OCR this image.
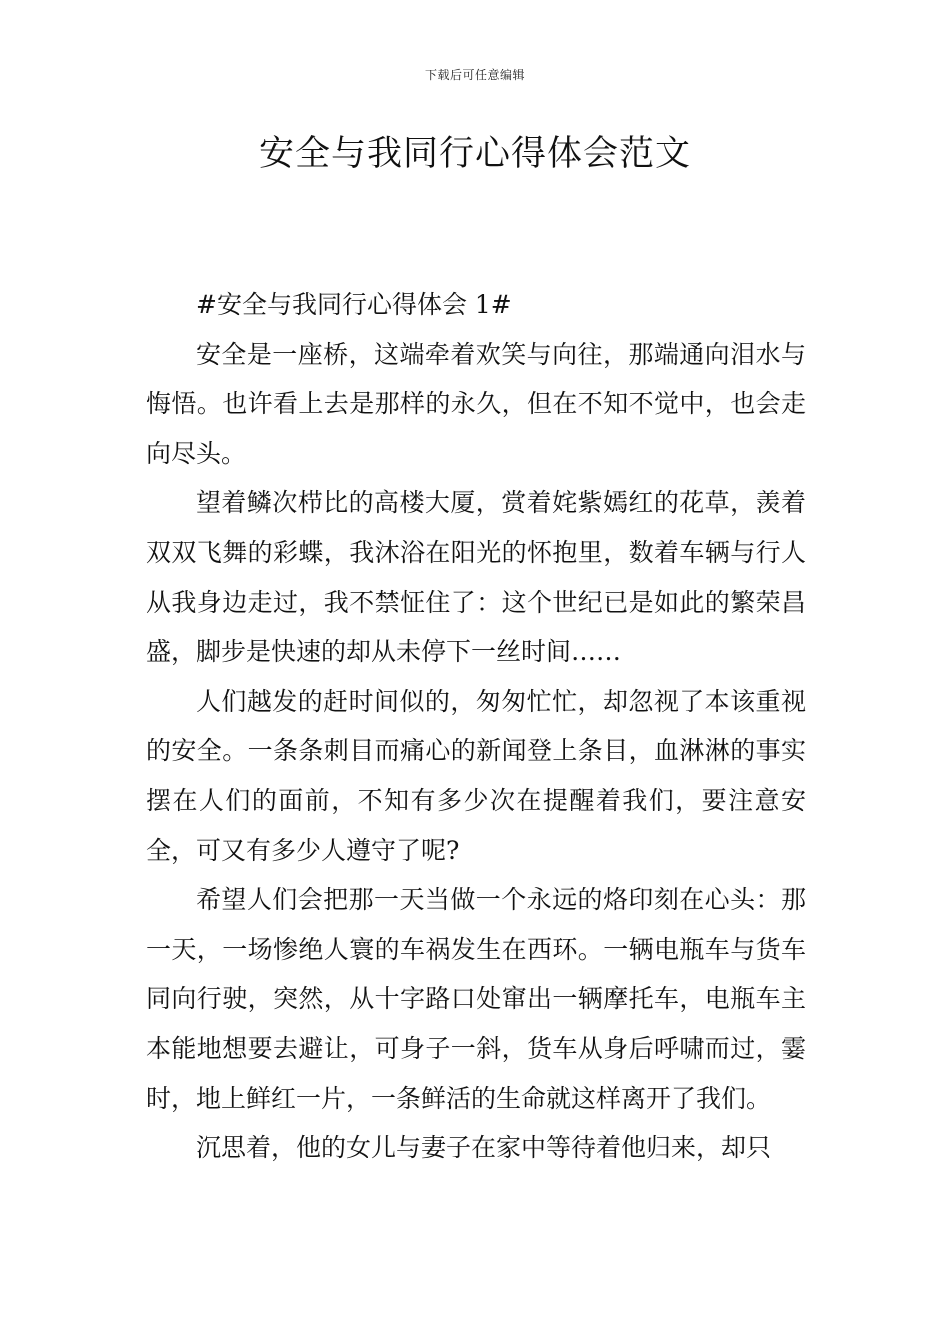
下载后可任意编辑
安全与我同行心得体会范文

#安全与我同行心得体会 1#

安全是一座桥，这端牵着欢笑与向往，那端通向泪水与悔悟。也许看上去是那样的永久，但在不知不觉中，也会走向尽头。

望着鳞次栉比的高楼大厦，赏着姹紫嫣红的花草，羡着双双飞舞的彩蝶，我沐浴在阳光的怀抱里，数着车辆与行人从我身边走过，我不禁怔住了：这个世纪已是如此的繁荣昌盛，脚步是快速的却从未停下一丝时间……

人们越发的赶时间似的，匆匆忙忙，却忽视了本该重视的安全。一条条刺目而痛心的新闻登上条目，血淋淋的事实摆在人们的面前，不知有多少次在提醒着我们，要注意安全，可又有多少人遵守了呢?

希望人们会把那一天当做一个永远的烙印刻在心头：那一天，一场惨绝人寰的车祸发生在西环。一辆电瓶车与货车同向行驶，突然，从十字路口处窜出一辆摩托车，电瓶车主本能地想要去避让，可身子一斜，货车从身后呼啸而过，霎时，地上鲜红一片，一条鲜活的生命就这样离开了我们。

沉思着，他的女儿与妻子在家中等待着他归来，却只
